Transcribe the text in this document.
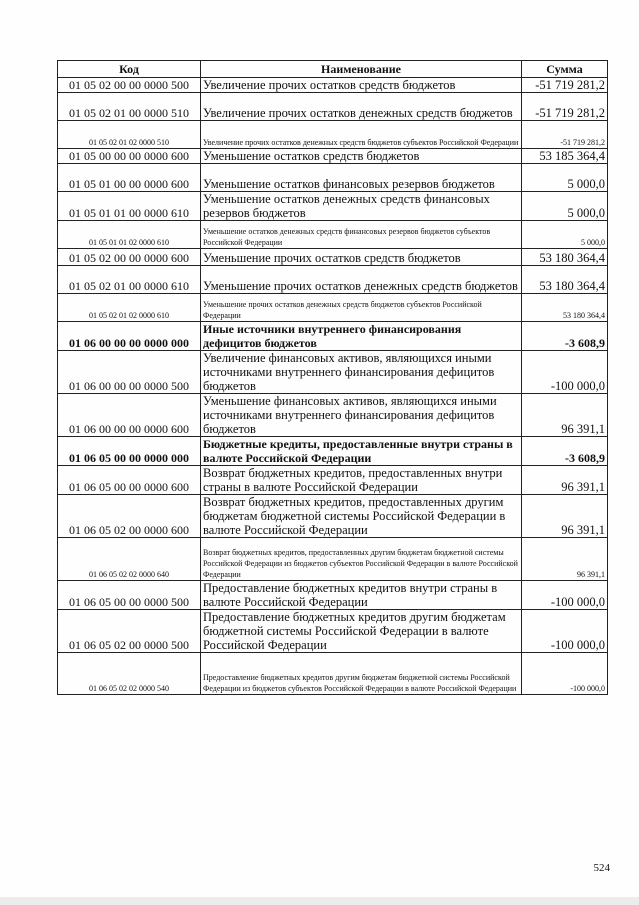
Код	Наименование	Сумма
01 05 02 00 00 0000 500	Увеличение прочих остатков средств бюджетов	-51 719 281,2
01 05 02 01 00 0000 510	Увеличение прочих остатков денежных средств бюджетов	-51 719 281,2
01 05 02 01 02 0000 510	Увеличение прочих остатков денежных средств бюджетов субъектов Российской Федерации	-51 719 281,2
01 05 00 00 00 0000 600	Уменьшение остатков средств бюджетов	53 185 364,4
01 05 01 00 00 0000 600	Уменьшение остатков финансовых резервов бюджетов	5 000,0
01 05 01 01 00 0000 610	Уменьшение остатков денежных средств финансовых резервов бюджетов	5 000,0
01 05 01 01 02 0000 610	Уменьшение остатков денежных средств финансовых резервов бюджетов субъектов Российской Федерации	5 000,0
01 05 02 00 00 0000 600	Уменьшение прочих остатков средств бюджетов	53 180 364,4
01 05 02 01 00 0000 610	Уменьшение прочих остатков денежных средств бюджетов	53 180 364,4
01 05 02 01 02 0000 610	Уменьшение прочих остатков денежных средств бюджетов субъектов Российской Федерации	53 180 364,4
01 06 00 00 00 0000 000	Иные источники внутреннего финансирования дефицитов бюджетов	-3 608,9
01 06 00 00 00 0000 500	Увеличение финансовых активов, являющихся иными источниками внутреннего финансирования дефицитов бюджетов	-100 000,0
01 06 00 00 00 0000 600	Уменьшение финансовых активов, являющихся иными источниками внутреннего финансирования дефицитов бюджетов	96 391,1
01 06 05 00 00 0000 000	Бюджетные кредиты, предоставленные внутри страны в валюте Российской Федерации	-3 608,9
01 06 05 00 00 0000 600	Возврат бюджетных кредитов, предоставленных внутри страны в валюте Российской Федерации	96 391,1
01 06 05 02 00 0000 600	Возврат бюджетных кредитов, предоставленных другим бюджетам бюджетной системы Российской Федерации в валюте Российской Федерации	96 391,1
01 06 05 02 02 0000 640	Возврат бюджетных кредитов, предоставленных другим бюджетам бюджетной системы Российской Федерации из бюджетов субъектов Российской Федерации в валюте Российской Федерации	96 391,1
01 06 05 00 00 0000 500	Предоставление бюджетных кредитов внутри страны в валюте Российской Федерации	-100 000,0
01 06 05 02 00 0000 500	Предоставление бюджетных кредитов другим бюджетам бюджетной системы Российской Федерации в валюте Российской Федерации	-100 000,0
01 06 05 02 02 0000 540	Предоставление бюджетных кредитов другим бюджетам бюджетной системы Российской Федерации из бюджетов субъектов Российской Федерации в валюте Российской Федерации	-100 000,0
524
